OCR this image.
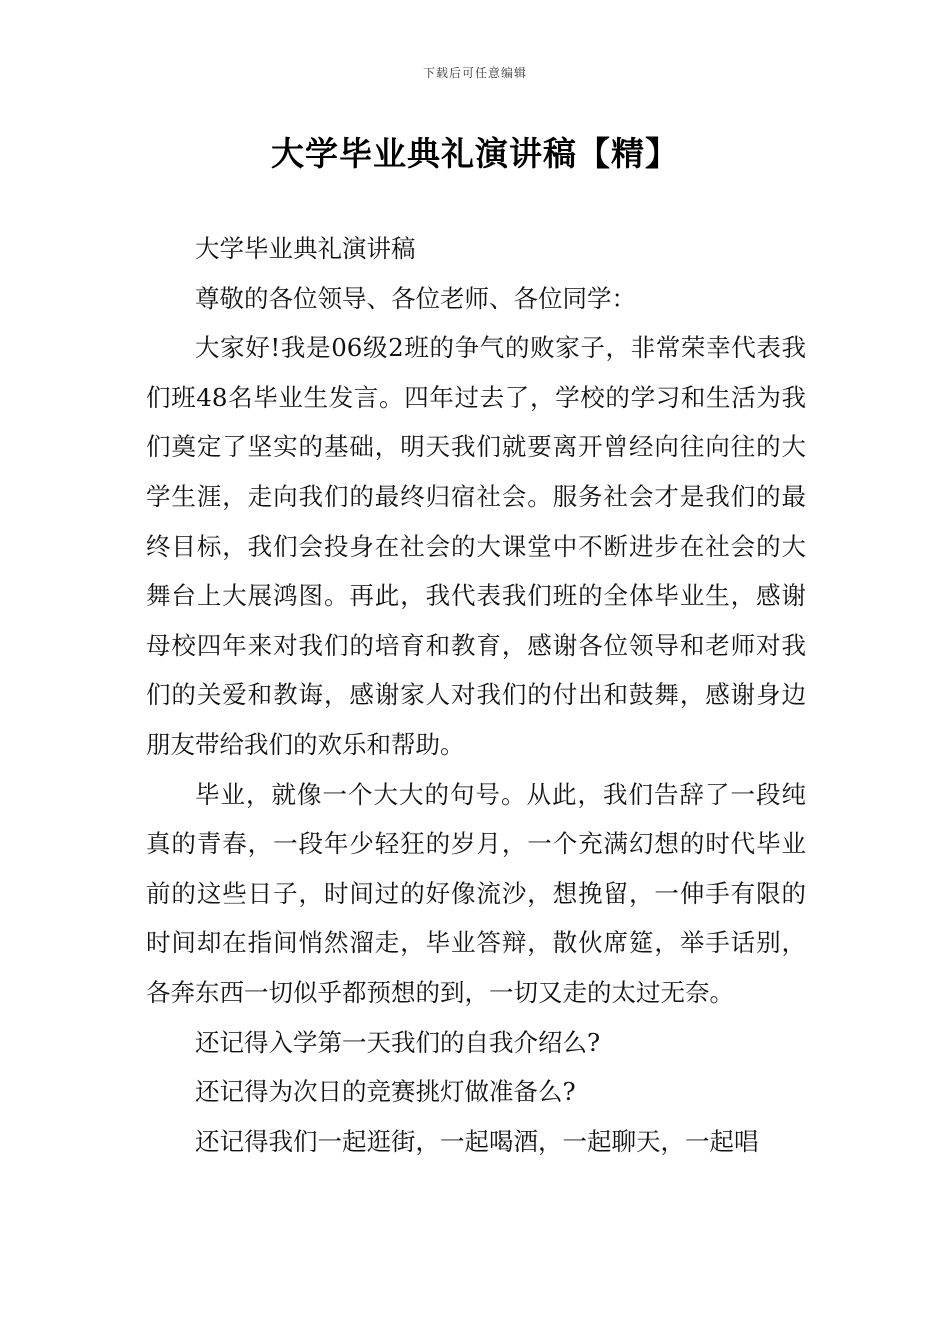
下载后可任意编辑
大学毕业典礼演讲稿【精】

大学毕业典礼演讲稿

尊敬的各位领导、各位老师、各位同学：

大家好!我是06级2班的争气的败家子，非常荣幸代表我们班48名毕业生发言。四年过去了，学校的学习和生活为我们奠定了坚实的基础，明天我们就要离开曾经向往向往的大学生涯，走向我们的最终归宿社会。服务社会才是我们的最终目标，我们会投身在社会的大课堂中不断进步在社会的大舞台上大展鸿图。再此，我代表我们班的全体毕业生，感谢母校四年来对我们的培育和教育，感谢各位领导和老师对我们的关爱和教诲，感谢家人对我们的付出和鼓舞，感谢身边朋友带给我们的欢乐和帮助。

毕业，就像一个大大的句号。从此，我们告辞了一段纯真的青春，一段年少轻狂的岁月，一个充满幻想的时代毕业前的这些日子，时间过的好像流沙，想挽留，一伸手有限的时间却在指间悄然溜走，毕业答辩，散伙席筵，举手话别，各奔东西一切似乎都预想的到，一切又走的太过无奈。

还记得入学第一天我们的自我介绍么?

还记得为次日的竞赛挑灯做准备么?

还记得我们一起逛街，一起喝酒，一起聊天，一起唱
